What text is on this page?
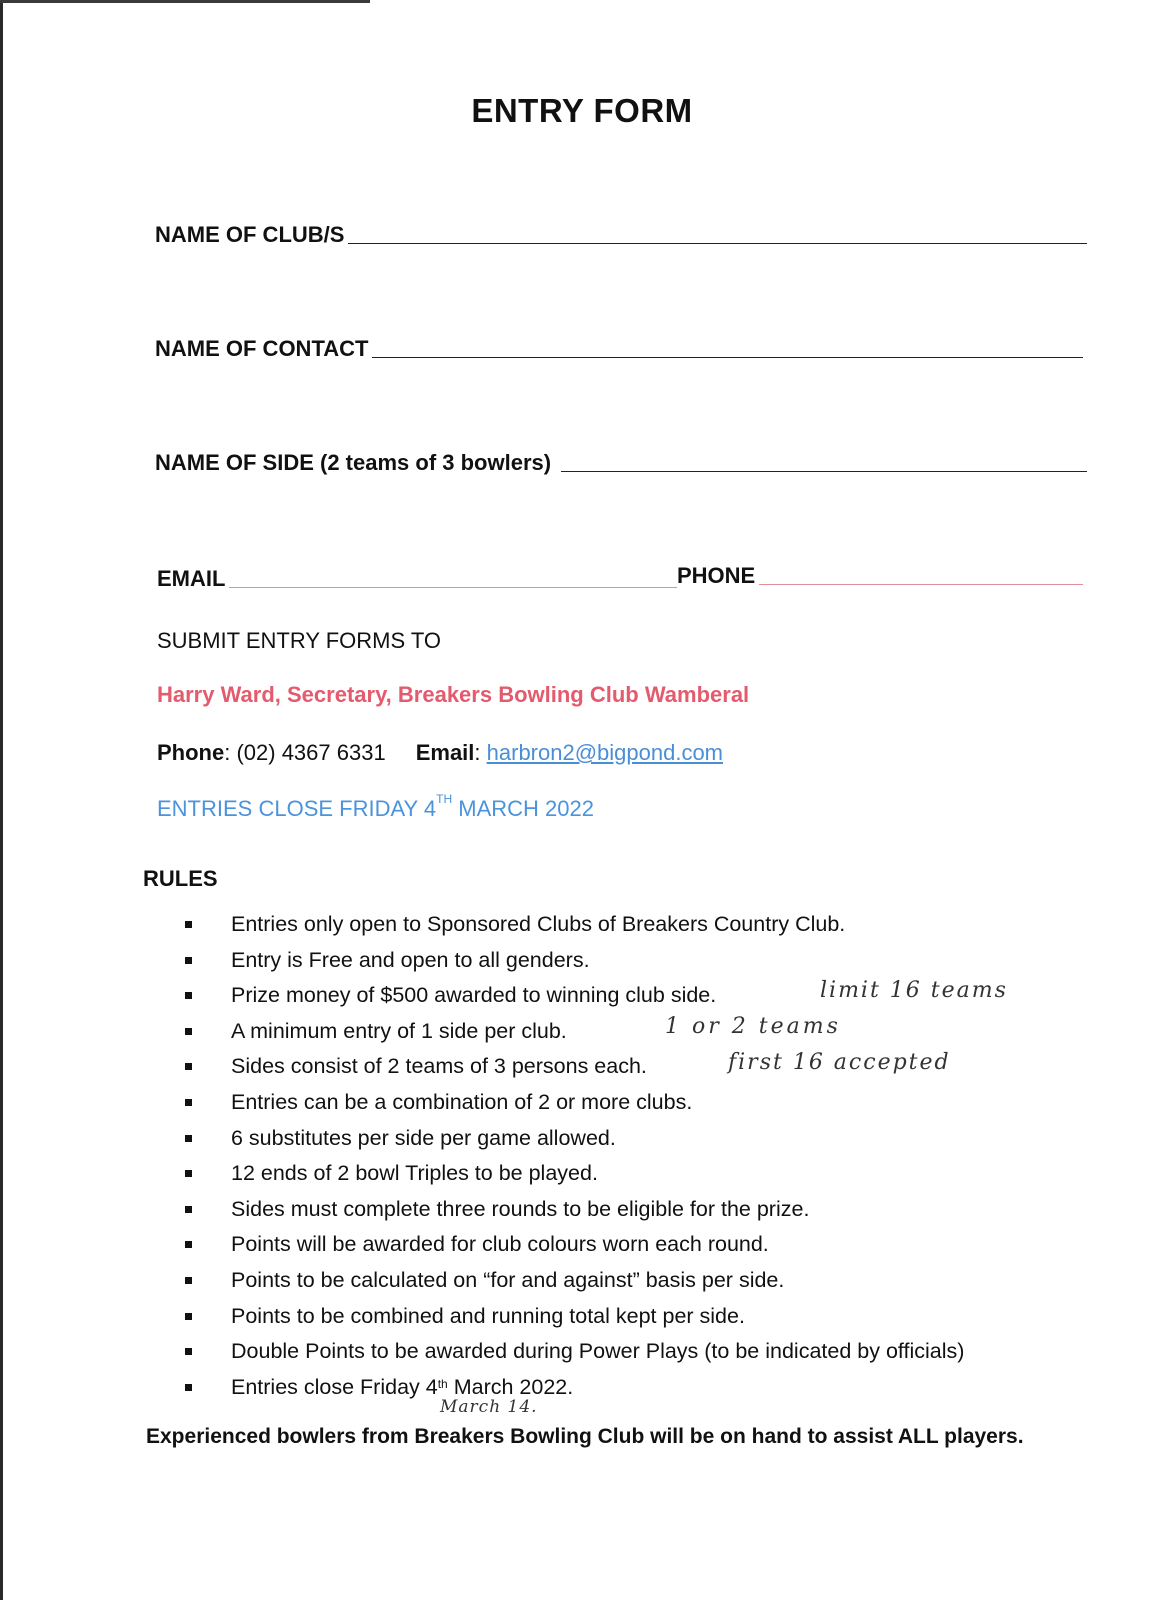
ENTRY FORM
NAME OF CLUB/S
NAME OF CONTACT
NAME OF SIDE (2 teams of 3 bowlers)
EMAIL	PHONE
SUBMIT ENTRY FORMS TO
Harry Ward, Secretary, Breakers Bowling Club Wamberal
Phone: (02) 4367 6331 Email: harbron2@bigpond.com
ENTRIES CLOSE FRIDAY 4TH MARCH 2022
RULES
Entries only open to Sponsored Clubs of Breakers Country Club.
Entry is Free and open to all genders.
Prize money of $500 awarded to winning club side.
A minimum entry of 1 side per club.
Sides consist of 2 teams of 3 persons each.
Entries can be a combination of 2 or more clubs.
6 substitutes per side per game allowed.
12 ends of 2 bowl Triples to be played.
Sides must complete three rounds to be eligible for the prize.
Points will be awarded for club colours worn each round.
Points to be calculated on “for and against” basis per side.
Points to be combined and running total kept per side.
Double Points to be awarded during Power Plays (to be indicated by officials)
Entries close Friday 4th March 2022.
limit 16 teams
1 or 2 teams
first 16 accepted
March 14.
Experienced bowlers from Breakers Bowling Club will be on hand to assist ALL players.
